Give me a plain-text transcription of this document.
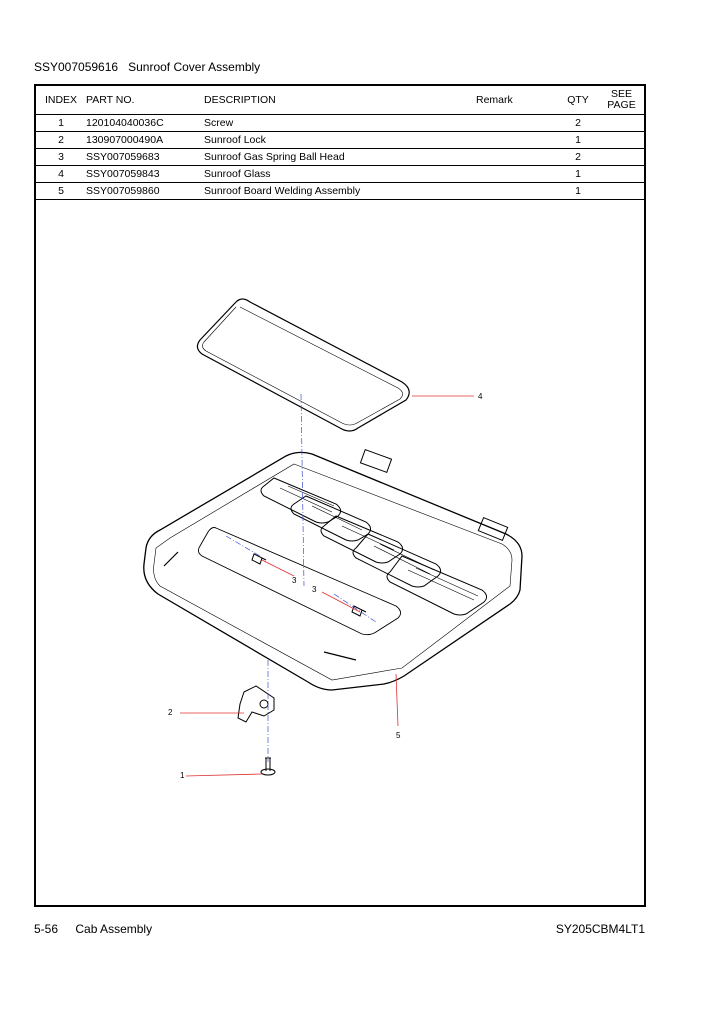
SSY007059616 Sunroof Cover Assembly
INDEX	PART NO.	DESCRIPTION	Remark	QTY	SEE
PAGE
1	120104040036C	Screw		2	
2	130907000490A	Sunroof Lock		1	
3	SSY007059683	Sunroof Gas Spring Ball Head		2	
4	SSY007059843	Sunroof Glass		1	
5	SSY007059860	Sunroof Board Welding Assembly		1	
4
2
1
3
3
5
5-56 Cab Assembly	SY205CBM4LT1
